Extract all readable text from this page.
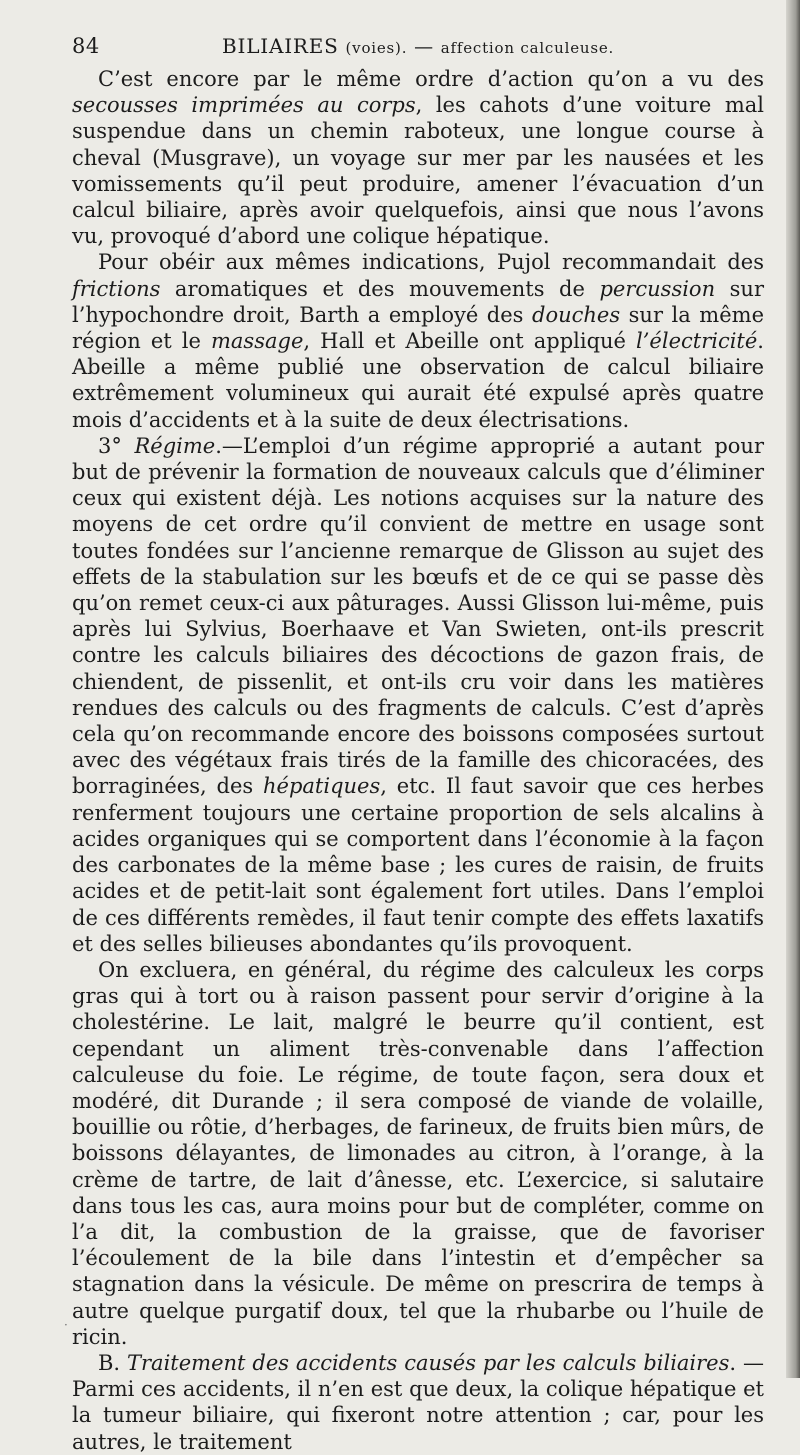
84	BILIAIRES (voies). — affection calculeuse.

C’est encore par le même ordre d’action qu’on a vu des secousses imprimées au corps, les cahots d’une voiture mal suspendue dans un chemin raboteux, une longue course à cheval (Musgrave), un voyage sur mer par les nausées et les vomissements qu’il peut produire, amener l’évacuation d’un calcul biliaire, après avoir quelquefois, ainsi que nous l’avons vu, provoqué d’abord une colique hépatique.

Pour obéir aux mêmes indications, Pujol recommandait des frictions aromatiques et des mouvements de percussion sur l’hypochondre droit, Barth a employé des douches sur la même région et le massage, Hall et Abeille ont appliqué l’électricité. Abeille a même publié une observation de calcul biliaire extrêmement volumineux qui aurait été expulsé après quatre mois d’accidents et à la suite de deux électrisations.

3° Régime.—L’emploi d’un régime approprié a autant pour but de prévenir la formation de nouveaux calculs que d’éliminer ceux qui existent déjà. Les notions acquises sur la nature des moyens de cet ordre qu’il convient de mettre en usage sont toutes fondées sur l’ancienne remarque de Glisson au sujet des effets de la stabulation sur les bœufs et de ce qui se passe dès qu’on remet ceux-ci aux pâturages. Aussi Glisson lui-même, puis après lui Sylvius, Boerhaave et Van Swieten, ont-ils prescrit contre les calculs biliaires des décoctions de gazon frais, de chiendent, de pissenlit, et ont-ils cru voir dans les matières rendues des calculs ou des fragments de calculs. C’est d’après cela qu’on recommande encore des boissons composées surtout avec des végétaux frais tirés de la famille des chicoracées, des borraginées, des hépatiques, etc. Il faut savoir que ces herbes renferment toujours une certaine proportion de sels alcalins à acides organiques qui se comportent dans l’économie à la façon des carbonates de la même base ; les cures de raisin, de fruits acides et de petit-lait sont également fort utiles. Dans l’emploi de ces différents remèdes, il faut tenir compte des effets laxatifs et des selles bilieuses abondantes qu’ils provoquent.

On excluera, en général, du régime des calculeux les corps gras qui à tort ou à raison passent pour servir d’origine à la cholestérine. Le lait, malgré le beurre qu’il contient, est cependant un aliment très-convenable dans l’affection calculeuse du foie. Le régime, de toute façon, sera doux et modéré, dit Durande ; il sera composé de viande de volaille, bouillie ou rôtie, d’herbages, de farineux, de fruits bien mûrs, de boissons délayantes, de limonades au citron, à l’orange, à la crème de tartre, de lait d’ânesse, etc. L’exercice, si salutaire dans tous les cas, aura moins pour but de compléter, comme on l’a dit, la combustion de la graisse, que de favoriser l’écoulement de la bile dans l’intestin et d’empêcher sa stagnation dans la vésicule. De même on prescrira de temps à autre quelque purgatif doux, tel que la rhubarbe ou l’huile de ricin.

B. Traitement des accidents causés par les calculs biliaires. — Parmi ces accidents, il n’en est que deux, la colique hépatique et la tumeur biliaire, qui fixeront notre attention ; car, pour les autres, le traitement

·
